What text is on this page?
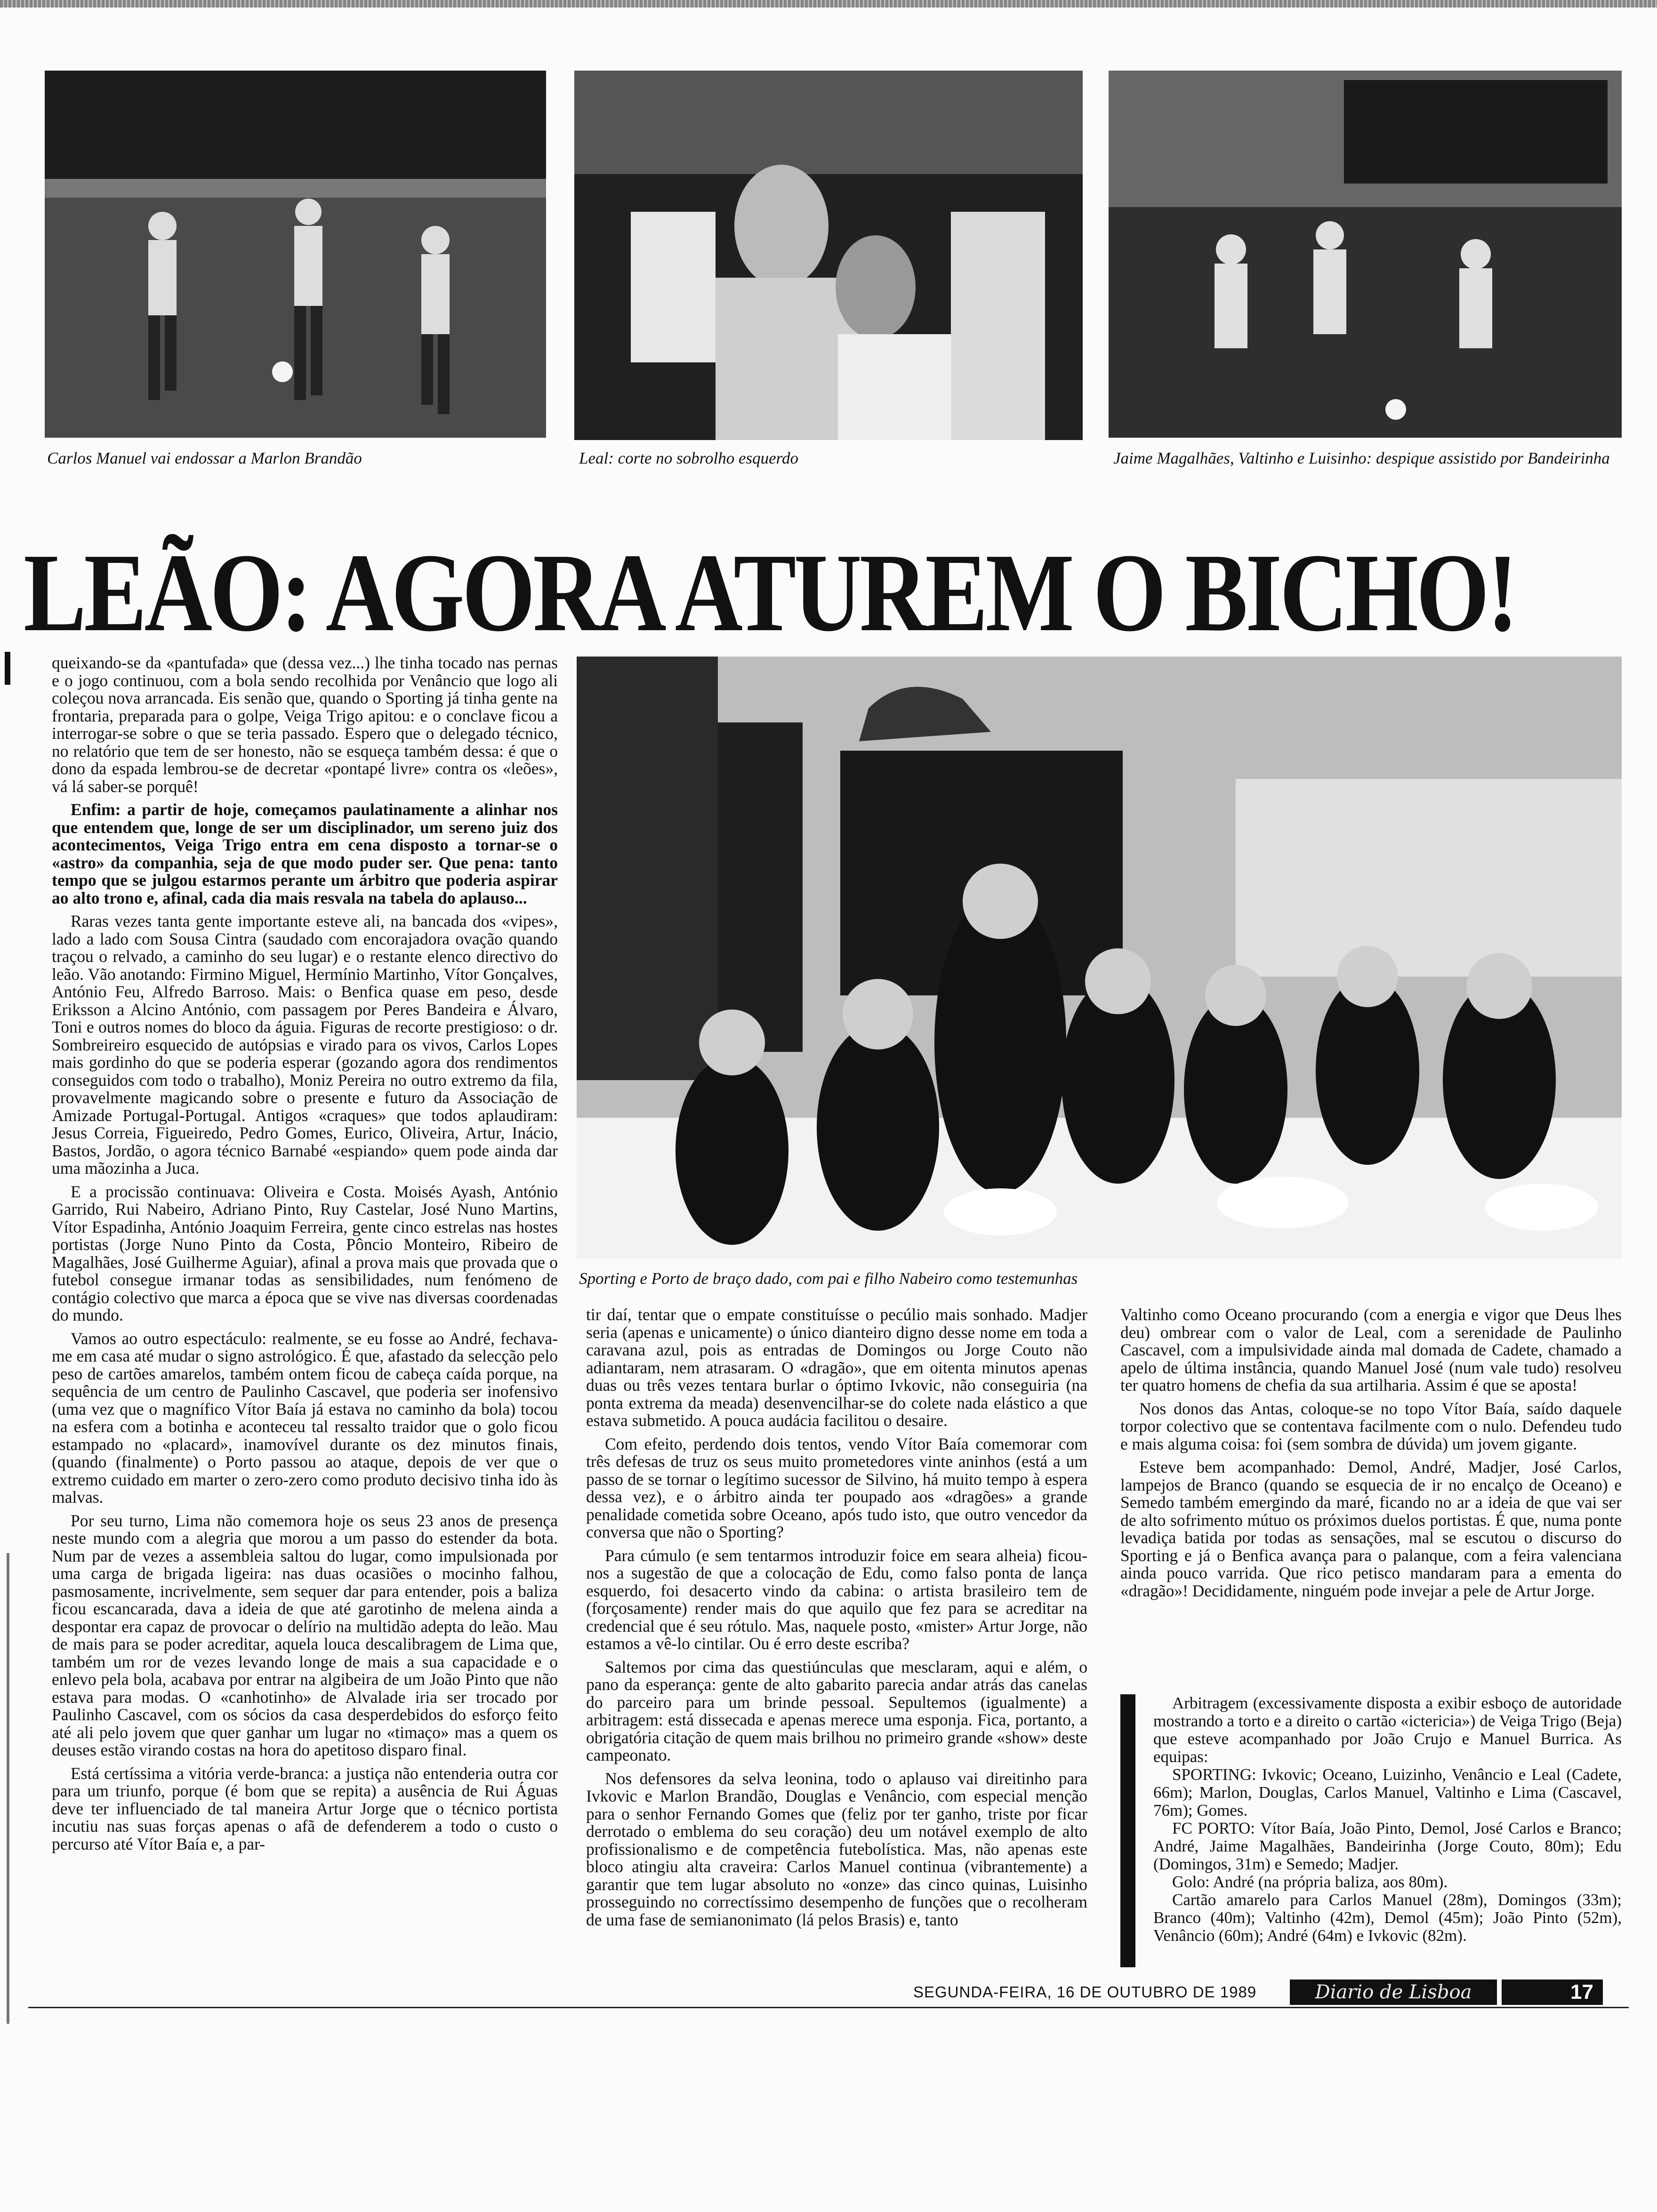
Carlos Manuel vai endossar a Marlon Brandão	Leal: corte no sobrolho esquerdo	Jaime Magalhães, Valtinho e Luisinho: despique assistido por Bandeirinha
LEÃO: AGORA ATUREM O BICHO!

queixando-se da «pantufada» que (dessa vez...) lhe tinha tocado nas pernas e o jogo continuou, com a bola sendo recolhida por Venâncio que logo ali coleçou nova arrancada. Eis senão que, quando o Sporting já tinha gente na frontaria, preparada para o golpe, Veiga Trigo apitou: e o conclave ficou a interrogar-se sobre o que se teria passado. Espero que o delegado técnico, no relatório que tem de ser honesto, não se esqueça também dessa: é que o dono da espada lembrou-se de decretar «pontapé livre» contra os «leões», vá lá saber-se porquê!

Enfim: a partir de hoje, começamos paulatinamente a alinhar nos que entendem que, longe de ser um disciplinador, um sereno juiz dos acontecimentos, Veiga Trigo entra em cena disposto a tornar-se o «astro» da companhia, seja de que modo puder ser. Que pena: tanto tempo que se julgou estarmos perante um árbitro que poderia aspirar ao alto trono e, afinal, cada dia mais resvala na tabela do aplauso...

Raras vezes tanta gente importante esteve ali, na bancada dos «vipes», lado a lado com Sousa Cintra (saudado com encorajadora ovação quando traçou o relvado, a caminho do seu lugar) e o restante elenco directivo do leão. Vão anotando: Firmino Miguel, Hermínio Martinho, Vítor Gonçalves, António Feu, Alfredo Barroso. Mais: o Benfica quase em peso, desde Eriksson a Alcino António, com passagem por Peres Bandeira e Álvaro, Toni e outros nomes do bloco da águia. Figuras de recorte prestigioso: o dr. Sombreireiro esquecido de autópsias e virado para os vivos, Carlos Lopes mais gordinho do que se poderia esperar (gozando agora dos rendimentos conseguidos com todo o trabalho), Moniz Pereira no outro extremo da fila, provavelmente magicando sobre o presente e futuro da Associação de Amizade Portugal-Portugal. Antigos «craques» que todos aplaudiram: Jesus Correia, Figueiredo, Pedro Gomes, Eurico, Oliveira, Artur, Inácio, Bastos, Jordão, o agora técnico Barnabé «espiando» quem pode ainda dar uma mãozinha a Juca.

E a procissão continuava: Oliveira e Costa. Moisés Ayash, António Garrido, Rui Nabeiro, Adriano Pinto, Ruy Castelar, José Nuno Martins, Vítor Espadinha, António Joaquim Ferreira, gente cinco estrelas nas hostes portistas (Jorge Nuno Pinto da Costa, Pôncio Monteiro, Ribeiro de Magalhães, José Guilherme Aguiar), afinal a prova mais que provada que o futebol consegue irmanar todas as sensibilidades, num fenómeno de contágio colectivo que marca a época que se vive nas diversas coordenadas do mundo.

Vamos ao outro espectáculo: realmente, se eu fosse ao André, fechava-me em casa até mudar o signo astrológico. É que, afastado da selecção pelo peso de cartões amarelos, também ontem ficou de cabeça caída porque, na sequência de um centro de Paulinho Cascavel, que poderia ser inofensivo (uma vez que o magnífico Vítor Baía já estava no caminho da bola) tocou na esfera com a botinha e aconteceu tal ressalto traidor que o golo ficou estampado no «placard», inamovível durante os dez minutos finais, (quando (finalmente) o Porto passou ao ataque, depois de ver que o extremo cuidado em marter o zero-zero como produto decisivo tinha ido às malvas.

Por seu turno, Lima não comemora hoje os seus 23 anos de presença neste mundo com a alegria que morou a um passo do estender da bota. Num par de vezes a assembleia saltou do lugar, como impulsionada por uma carga de brigada ligeira: nas duas ocasiões o mocinho falhou, pasmosamente, incrivelmente, sem sequer dar para entender, pois a baliza ficou escancarada, dava a ideia de que até garotinho de melena ainda a despontar era capaz de provocar o delírio na multidão adepta do leão. Mau de mais para se poder acreditar, aquela louca descalibragem de Lima que, também um ror de vezes levando longe de mais a sua capacidade e o enlevo pela bola, acabava por entrar na algibeira de um João Pinto que não estava para modas. O «canhotinho» de Alvalade iria ser trocado por Paulinho Cascavel, com os sócios da casa desperdebidos do esforço feito até ali pelo jovem que quer ganhar um lugar no «timaço» mas a quem os deuses estão virando costas na hora do apetitoso disparo final.

Está certíssima a vitória verde-branca: a justiça não entenderia outra cor para um triunfo, porque (é bom que se repita) a ausência de Rui Águas deve ter influenciado de tal maneira Artur Jorge que o técnico portista incutiu nas suas forças apenas o afã de defenderem a todo o custo o percurso até Vítor Baía e, a par-

Sporting e Porto de braço dado, com pai e filho Nabeiro como testemunhas

tir daí, tentar que o empate constituísse o pecúlio mais sonhado. Madjer seria (apenas e unicamente) o único dianteiro digno desse nome em toda a caravana azul, pois as entradas de Domingos ou Jorge Couto não adiantaram, nem atrasaram. O «dragão», que em oitenta minutos apenas duas ou três vezes tentara burlar o óptimo Ivkovic, não conseguiria (na ponta extrema da meada) desenvencilhar-se do colete nada elástico a que estava submetido. A pouca audácia facilitou o desaire.

Com efeito, perdendo dois tentos, vendo Vítor Baía comemorar com três defesas de truz os seus muito prometedores vinte aninhos (está a um passo de se tornar o legítimo sucessor de Silvino, há muito tempo à espera dessa vez), e o árbitro ainda ter poupado aos «dragões» a grande penalidade cometida sobre Oceano, após tudo isto, que outro vencedor da conversa que não o Sporting?

Para cúmulo (e sem tentarmos introduzir foice em seara alheia) ficou-nos a sugestão de que a colocação de Edu, como falso ponta de lança esquerdo, foi desacerto vindo da cabina: o artista brasileiro tem de (forçosamente) render mais do que aquilo que fez para se acreditar na credencial que é seu rótulo. Mas, naquele posto, «mister» Artur Jorge, não estamos a vê-lo cintilar. Ou é erro deste escriba?

Saltemos por cima das questiúnculas que mesclaram, aqui e além, o pano da esperança: gente de alto gabarito parecia andar atrás das canelas do parceiro para um brinde pessoal. Sepultemos (igualmente) a arbitragem: está dissecada e apenas merece uma esponja. Fica, portanto, a obrigatória citação de quem mais brilhou no primeiro grande «show» deste campeonato.

Nos defensores da selva leonina, todo o aplauso vai direitinho para Ivkovic e Marlon Brandão, Douglas e Venâncio, com especial menção para o senhor Fernando Gomes que (feliz por ter ganho, triste por ficar derrotado o emblema do seu coração) deu um notável exemplo de alto profissionalismo e de competência futebolística. Mas, não apenas este bloco atingiu alta craveira: Carlos Manuel continua (vibrantemente) a garantir que tem lugar absoluto no «onze» das cinco quinas, Luisinho prosseguindo no correctíssimo desempenho de funções que o recolheram de uma fase de semianonimato (lá pelos Brasis) e, tanto

Valtinho como Oceano procurando (com a energia e vigor que Deus lhes deu) ombrear com o valor de Leal, com a serenidade de Paulinho Cascavel, com a impulsividade ainda mal domada de Cadete, chamado a apelo de última instância, quando Manuel José (num vale tudo) resolveu ter quatro homens de chefia da sua artilharia. Assim é que se aposta!

Nos donos das Antas, coloque-se no topo Vítor Baía, saído daquele torpor colectivo que se contentava facilmente com o nulo. Defendeu tudo e mais alguma coisa: foi (sem sombra de dúvida) um jovem gigante.

Esteve bem acompanhado: Demol, André, Madjer, José Carlos, lampejos de Branco (quando se esquecia de ir no encalço de Oceano) e Semedo também emergindo da maré, ficando no ar a ideia de que vai ser de alto sofrimento mútuo os próximos duelos portistas. É que, numa ponte levadiça batida por todas as sensações, mal se escutou o discurso do Sporting e já o Benfica avança para o palanque, com a feira valenciana ainda pouco varrida. Que rico petisco mandaram para a ementa do «dragão»! Decididamente, ninguém pode invejar a pele de Artur Jorge.

Arbitragem (excessivamente disposta a exibir esboço de autoridade mostrando a torto e a direito o cartão «ictericia») de Veiga Trigo (Beja) que esteve acompanhado por João Crujo e Manuel Burrica. As equipas:

SPORTING: Ivkovic; Oceano, Luizinho, Venâncio e Leal (Cadete, 66m); Marlon, Douglas, Carlos Manuel, Valtinho e Lima (Cascavel, 76m); Gomes.

FC PORTO: Vítor Baía, João Pinto, Demol, José Carlos e Branco; André, Jaime Magalhães, Bandeirinha (Jorge Couto, 80m); Edu (Domingos, 31m) e Semedo; Madjer.

Golo: André (na própria baliza, aos 80m).

Cartão amarelo para Carlos Manuel (28m), Domingos (33m); Branco (40m); Valtinho (42m), Demol (45m); João Pinto (52m), Venâncio (60m); André (64m) e Ivkovic (82m).

SEGUNDA-FEIRA, 16 DE OUTUBRO DE 1989	Diario de Lisboa	17
